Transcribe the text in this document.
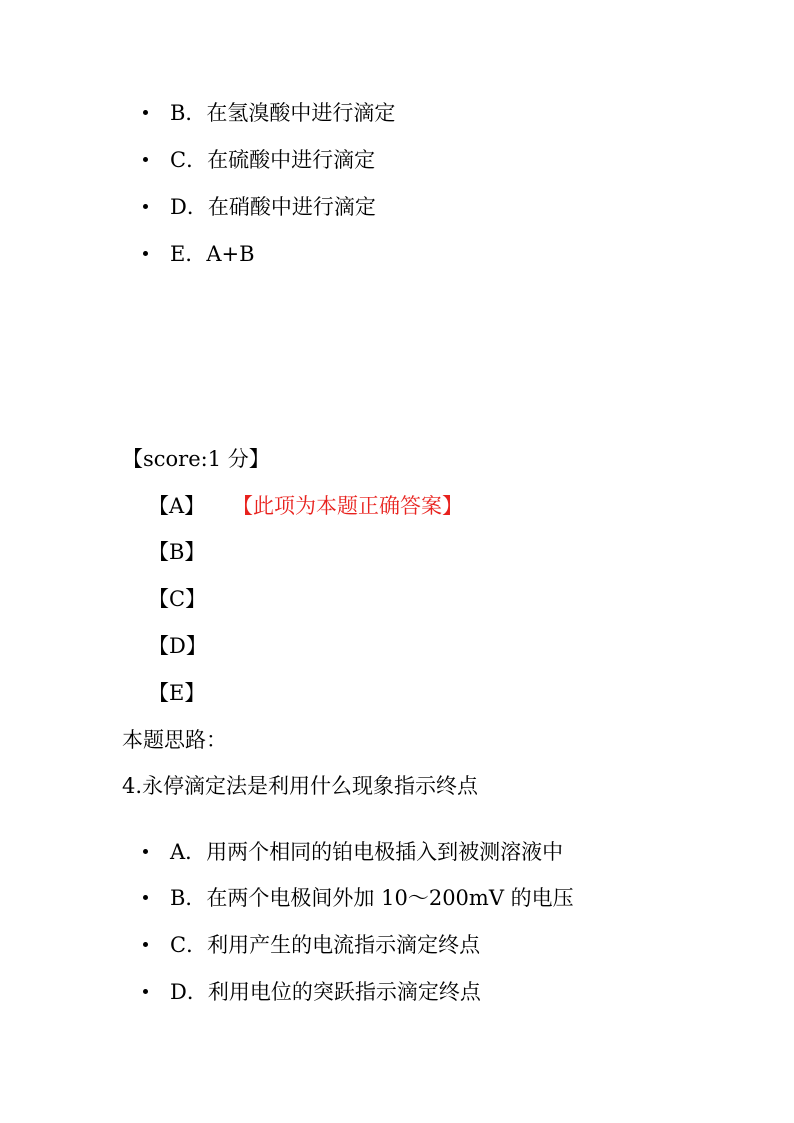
B．在氢溴酸中进行滴定
C．在硫酸中进行滴定
D．在硝酸中进行滴定
E．A+B
【score:1 分】
【A】 【此项为本题正确答案】
【B】
【C】
【D】
【E】
本题思路：
4.永停滴定法是利用什么现象指示终点
A．用两个相同的铂电极插入到被测溶液中
B．在两个电极间外加 10～200mV 的电压
C．利用产生的电流指示滴定终点
D．利用电位的突跃指示滴定终点
